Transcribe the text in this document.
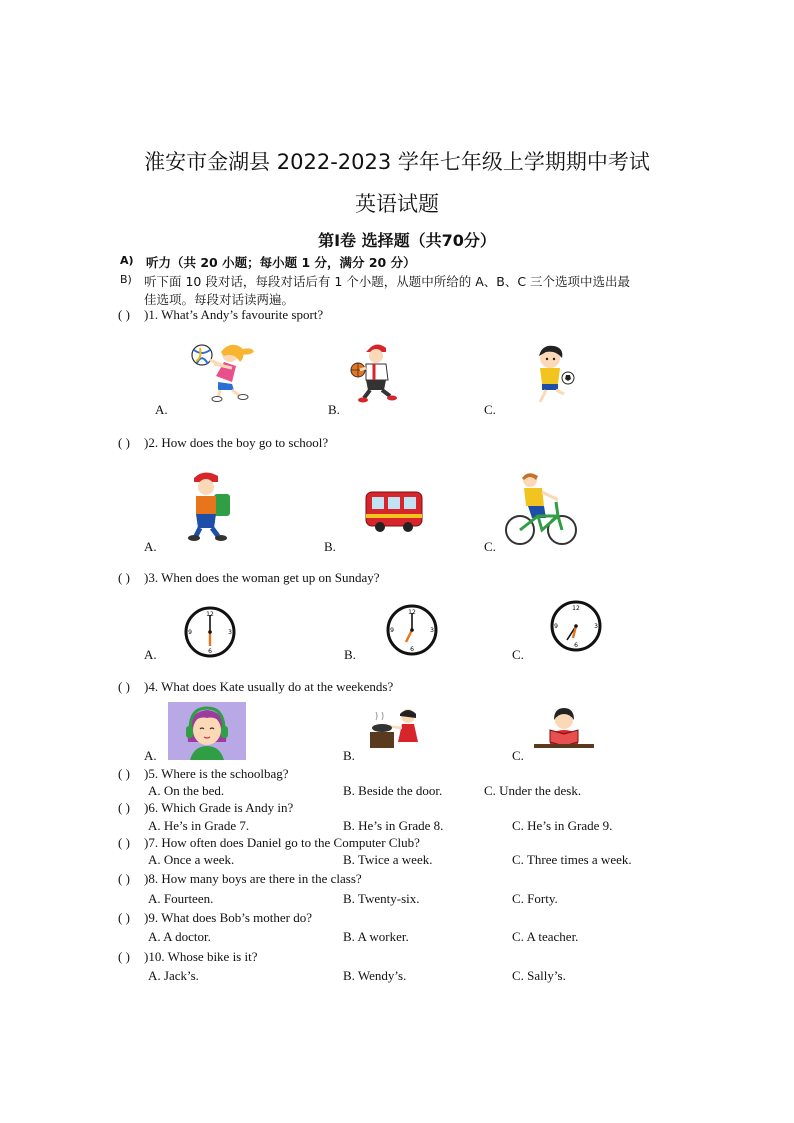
淮安市金湖县 2022-2023 学年七年级上学期期中考试
英语试题
第Ⅰ卷 选择题（共70分）
A) 听力（共 20 小题；每小题 1 分，满分 20 分）
B) 听下面 10 段对话，每段对话后有 1 个小题，从题中所给的 A、B、C 三个选项中选出最
佳选项。每段对话读两遍。
( ) )1. What’s Andy’s favourite sport?
A.	B.	C.
( ) )2. How does the boy go to school?
A.	B.	C.
( ) )3. When does the woman get up on Sunday?
A.	B.	C.
12
3
6
9
12
3
6
9
12
3
6
9
( ) )4. What does Kate usually do at the weekends?
A.	B.	C.
( ) )5. Where is the schoolbag?
A. On the bed.	B. Beside the door.	C. Under the desk.
( ) )6. Which Grade is Andy in?
A. He’s in Grade 7.	B. He’s in Grade 8.	C. He’s in Grade 9.
( ) )7. How often does Daniel go to the Computer Club?
A. Once a week.	B. Twice a week.	C. Three times a week.
( ) )8. How many boys are there in the class?
A. Fourteen.	B. Twenty-six.	C. Forty.
( ) )9. What does Bob’s mother do?
A. A doctor.	B. A worker.	C. A teacher.
( ) )10. Whose bike is it?
A. Jack’s.	B. Wendy’s.	C. Sally’s.
